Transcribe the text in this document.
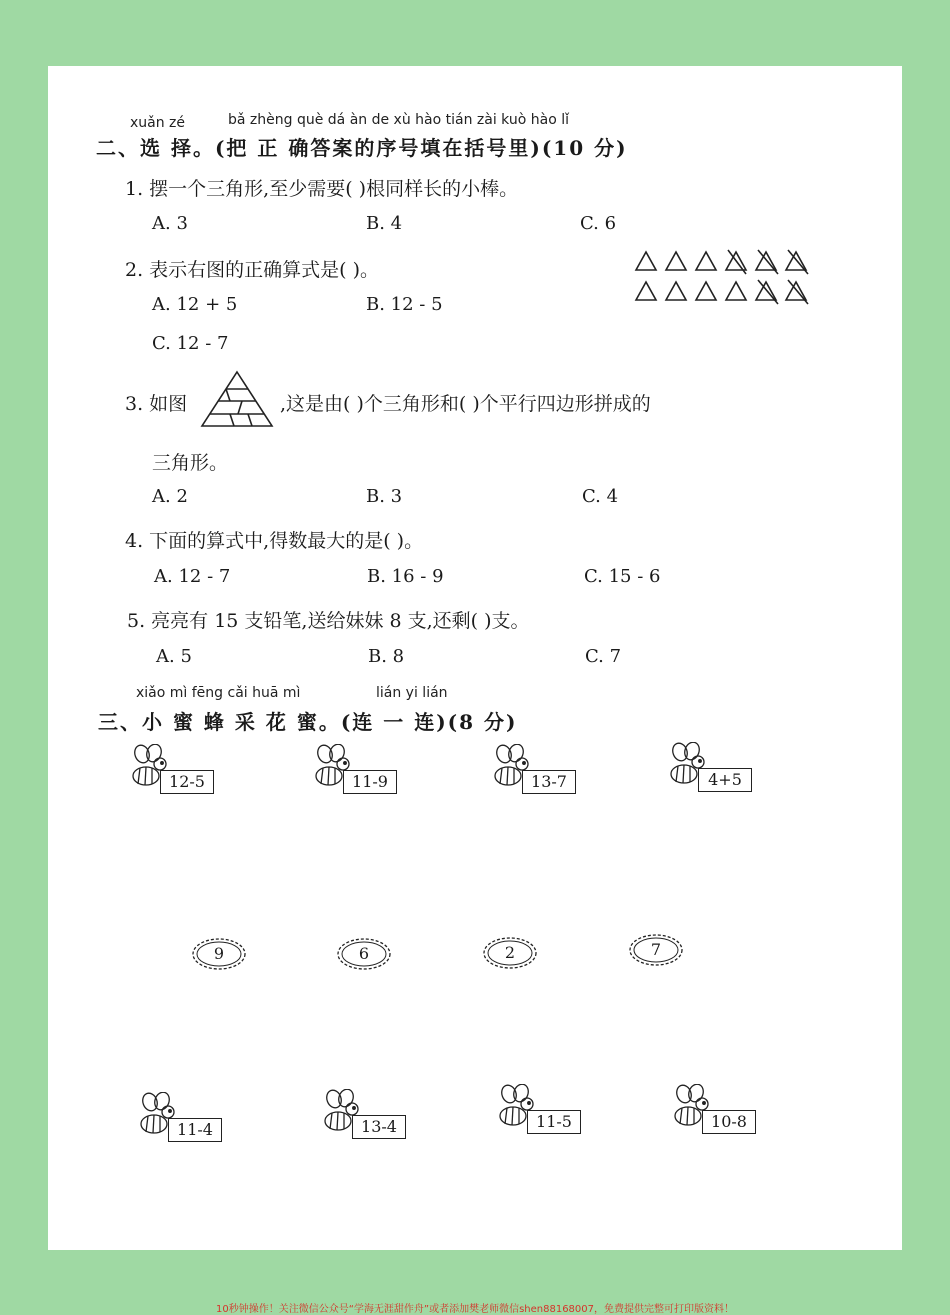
xuǎn zé	bǎ zhèng què dá àn de xù hào tián zài kuò hào lǐ
二、选 择。(把 正 确答案的序号填在括号里)(10 分)
1. 摆一个三角形,至少需要( )根同样长的小棒。
A. 3	B. 4	C. 6
2. 表示右图的正确算式是( )。
A. 12 + 5	B. 12 - 5
C. 12 - 7
3. 如图	,这是由( )个三角形和( )个平行四边形拼成的
三角形。
A. 2	B. 3	C. 4
4. 下面的算式中,得数最大的是( )。
A. 12 - 7	B. 16 - 9	C. 15 - 6
5. 亮亮有 15 支铅笔,送给妹妹 8 支,还剩( )支。
A. 5	B. 8	C. 7
xiǎo mì fēng cǎi huā mì	lián yi lián
三、小 蜜 蜂 采 花 蜜。(连 一 连)(8 分)
12-5	11-9	13-7	4+5
9	6	2	7
11-4	13-4	11-5	10-8
10秒钟操作！关注微信公众号“学海无涯甜作舟”或者添加樊老师微信shen88168007，免费提供完整可打印版资料！
